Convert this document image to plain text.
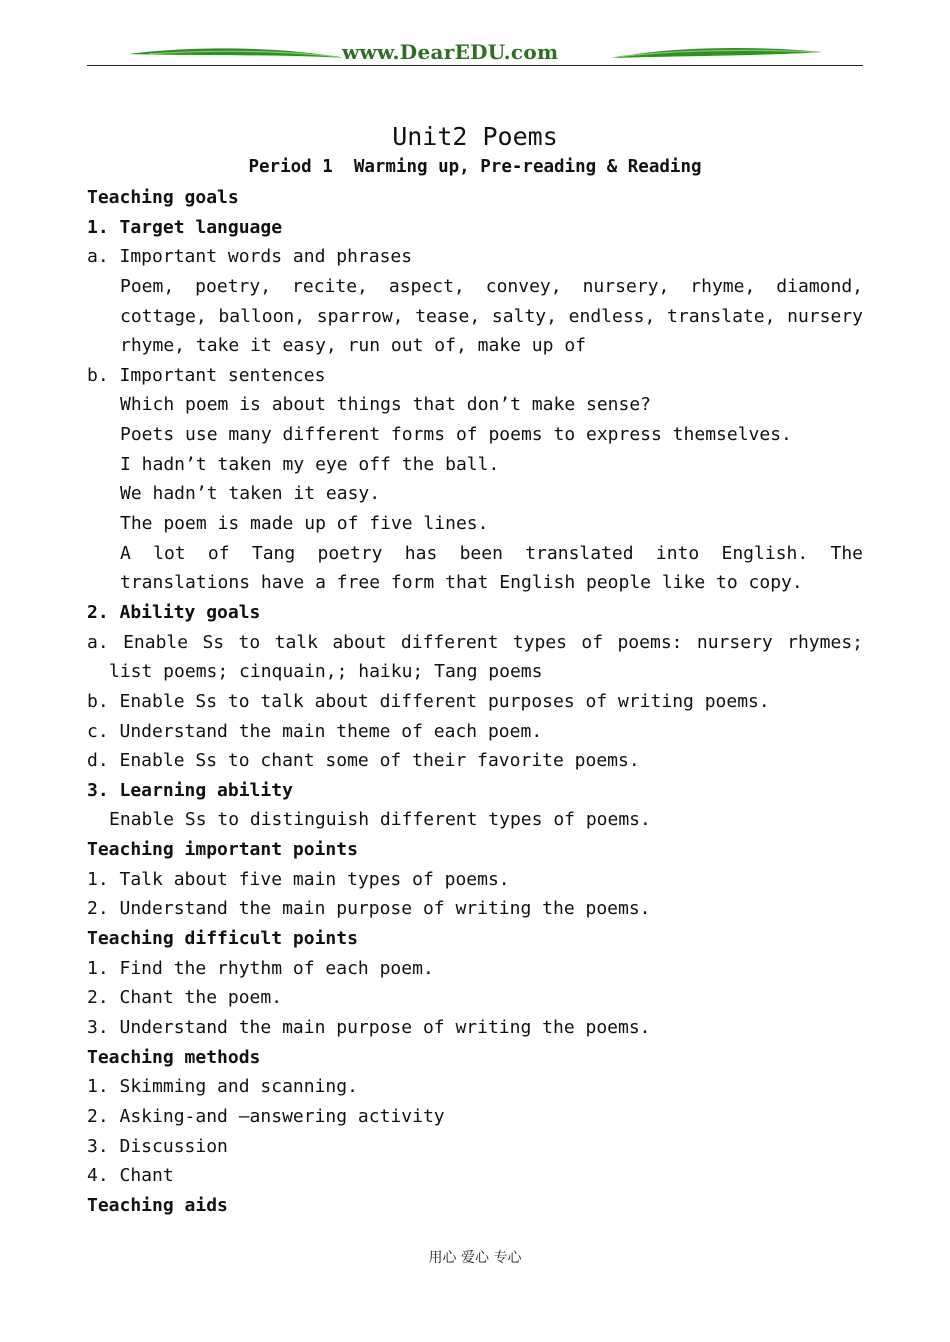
www.DearEDU.com
Unit2 Poems
Period 1  Warming up, Pre-reading & Reading
Teaching goals
1. Target language
a. Important words and phrases
Poem, poetry, recite, aspect, convey, nursery, rhyme, diamond,
cottage, balloon, sparrow, tease, salty, endless, translate, nursery
rhyme, take it easy, run out of, make up of
b. Important sentences
Which poem is about things that don’t make sense?
Poets use many different forms of poems to express themselves.
I hadn’t taken my eye off the ball.
We hadn’t taken it easy.
The poem is made up of five lines.
A lot of Tang poetry has been translated into English. The
translations have a free form that English people like to copy.
2. Ability goals
a. Enable Ss to talk about different types of poems: nursery rhymes;
list poems; cinquain,; haiku; Tang poems
b. Enable Ss to talk about different purposes of writing poems.
c. Understand the main theme of each poem.
d. Enable Ss to chant some of their favorite poems.
3. Learning ability
Enable Ss to distinguish different types of poems.
Teaching important points
1. Talk about five main types of poems.
2. Understand the main purpose of writing the poems.
Teaching difficult points
1. Find the rhythm of each poem.
2. Chant the poem.
3. Understand the main purpose of writing the poems.
Teaching methods
1. Skimming and scanning.
2. Asking-and –answering activity
3. Discussion
4. Chant
Teaching aids
用心 爱心 专心
